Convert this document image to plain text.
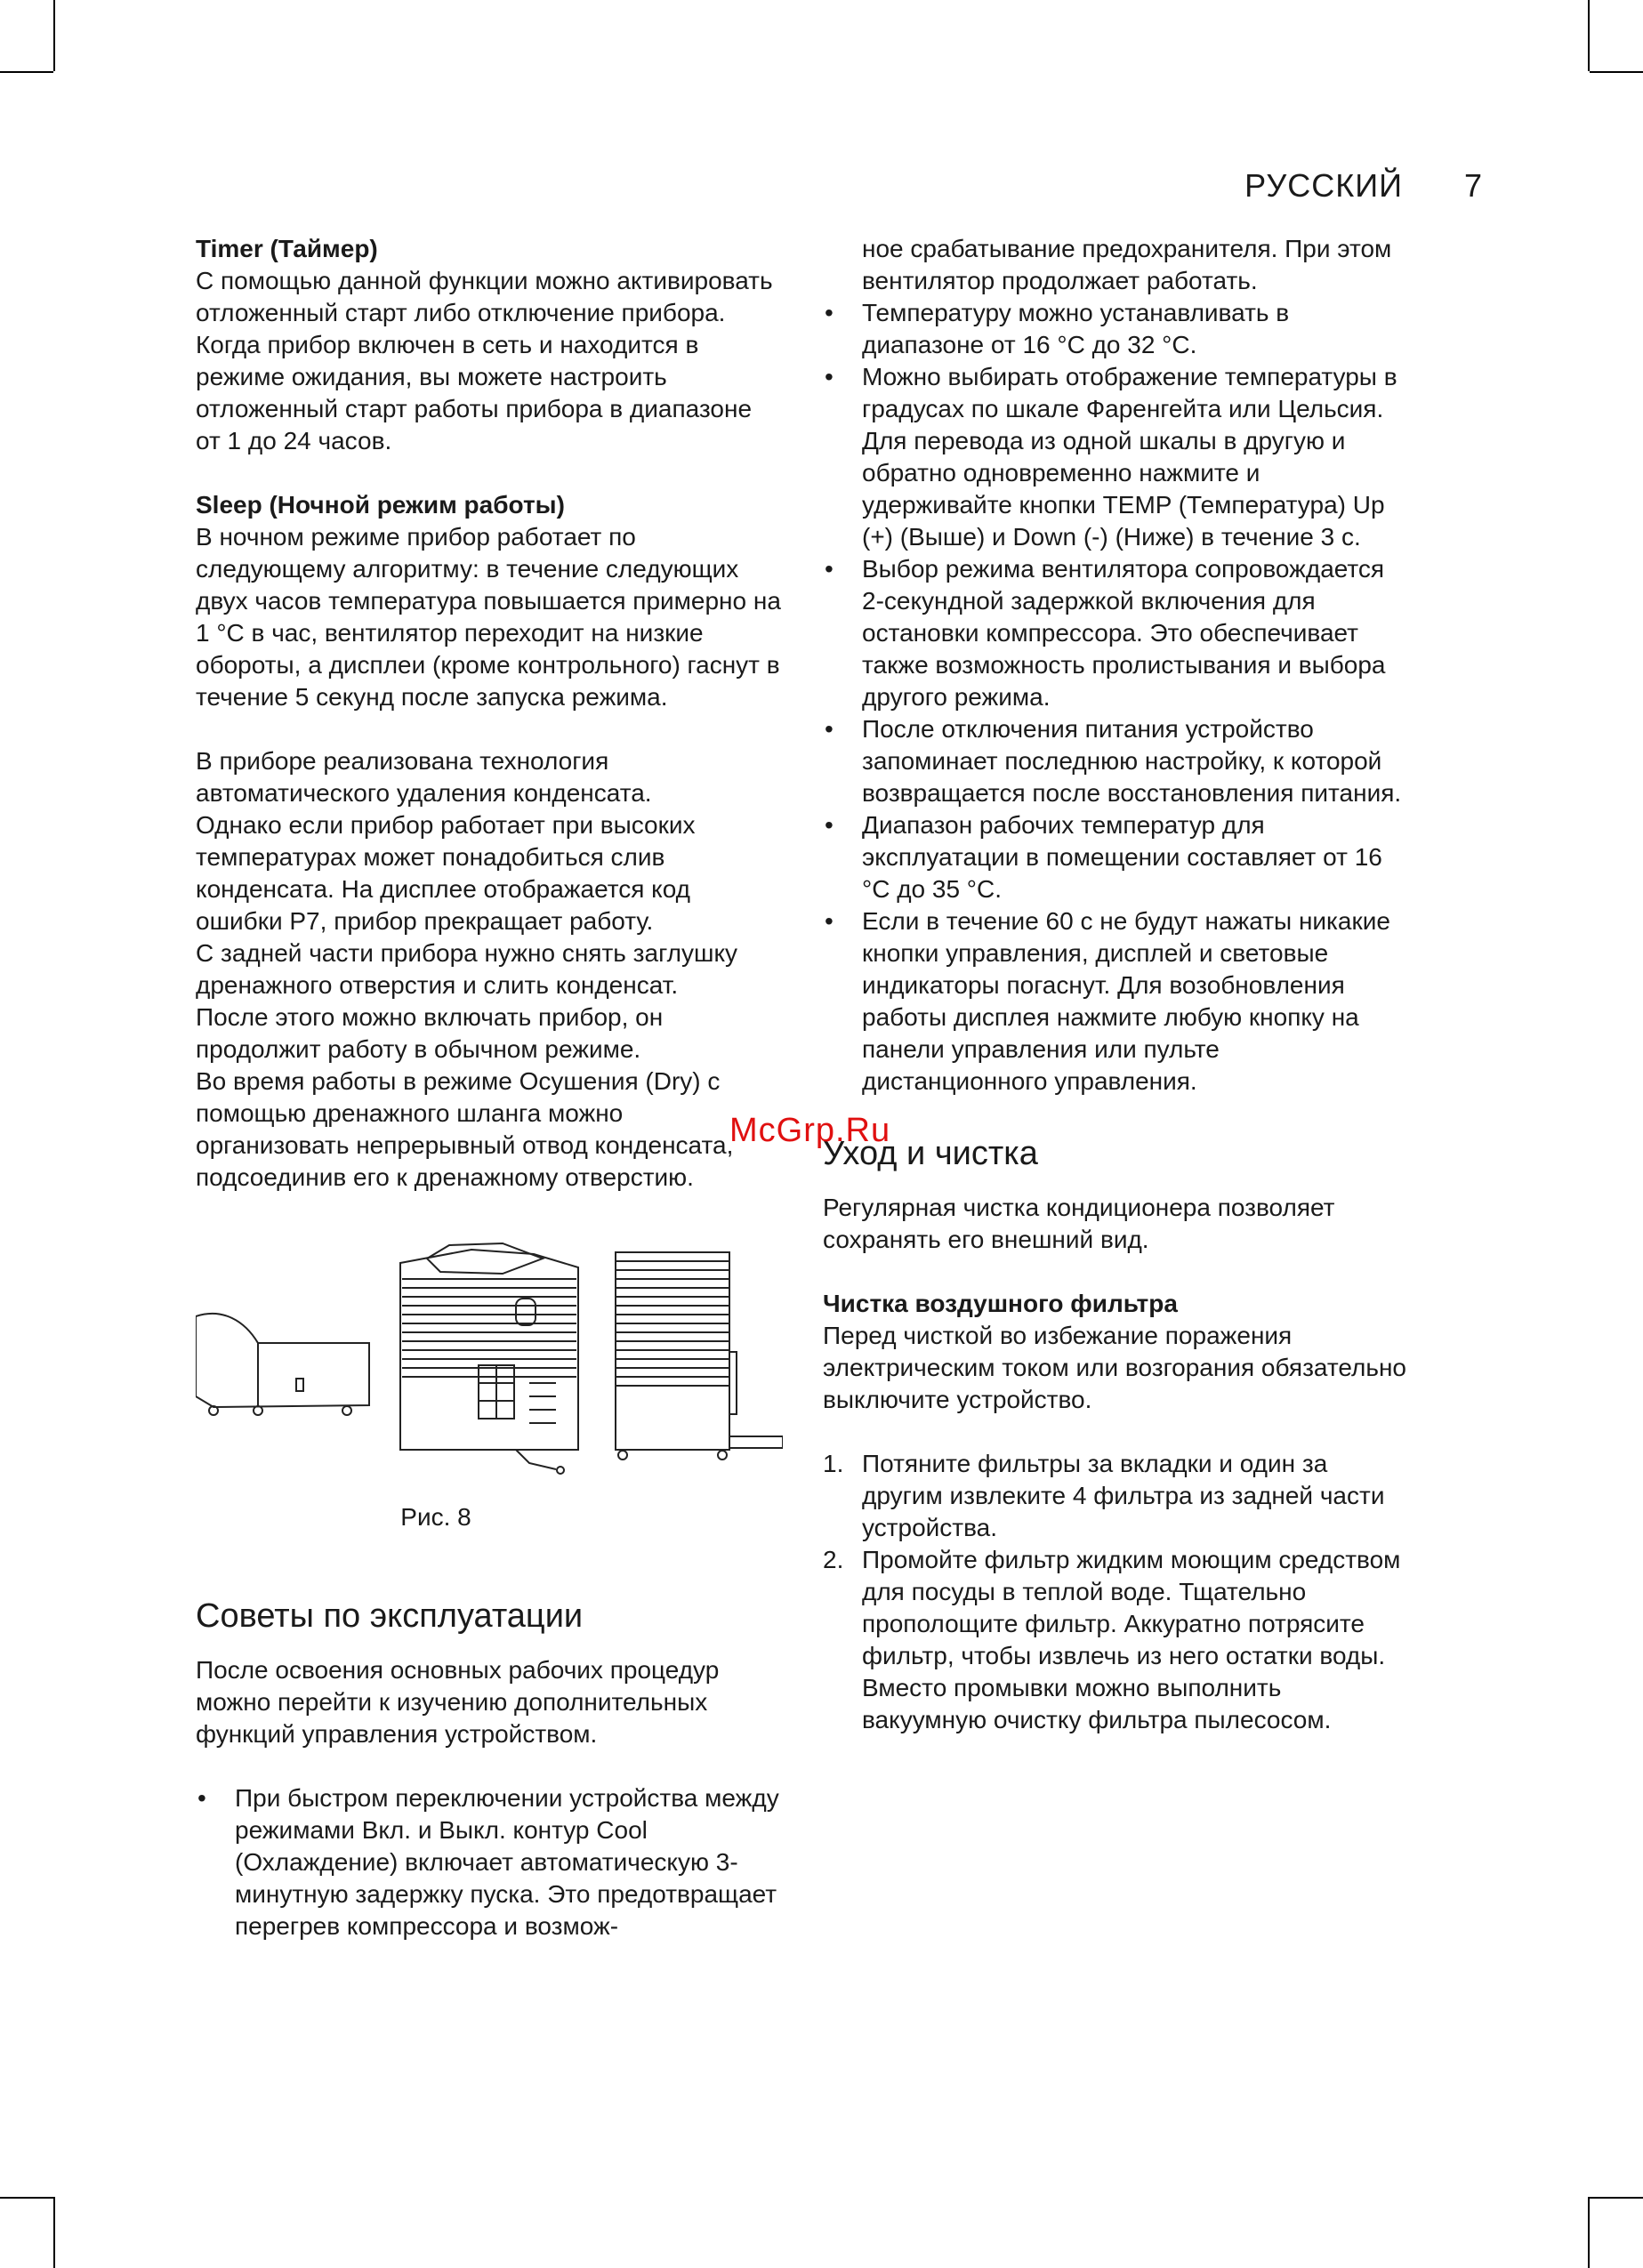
РУССКИЙ 7

Timer (Таймер)

С помощью данной функции можно активировать отложенный старт либо отключение прибора.

Когда прибор включен в сеть и находится в режиме ожидания, вы можете настроить отложенный старт работы прибора в диапазоне от 1 до 24 часов.

Sleep (Ночной режим работы)

В ночном режиме прибор работает по следующему алгоритму: в течение следующих двух часов температура повышается примерно на 1 °С в час, вентилятор переходит на низкие обороты, а дисплеи (кроме контрольного) гаснут в течение 5 секунд после запуска режима.

В приборе реализована технология автоматического удаления конденсата.

Однако если прибор работает при высоких температурах может понадобиться слив конденсата. На дисплее отображается код ошибки P7, прибор прекращает работу.

С задней части прибора нужно снять заглушку дренажного отверстия и слить конденсат.

После этого можно включать прибор, он продолжит работу в обычном режиме.

Во время работы в режиме Осушения (Dry) с помощью дренажного шланга можно организовать непрерывный отвод конденсата, подсоединив его к дренажному отверстию.

Рис. 8

Советы по эксплуатации

После освоения основных рабочих процедур можно перейти к изучению дополнительных функций управления устройством.

• При быстром переключении устройства между режимами Вкл. и Выкл. контур Cool (Охлаждение) включает автоматическую 3-минутную задержку пуска. Это предотвращает перегрев компрессора и возмож-

ное срабатывание предохранителя. При этом вентилятор продолжает работать.

• Температуру можно устанавливать в диапазоне от 16 °С до 32 °С.
• Можно выбирать отображение температуры в градусах по шкале Фаренгейта или Цельсия. Для перевода из одной шкалы в другую и обратно одновременно нажмите и удерживайте кнопки TEMP (Температура) Up (+) (Выше) и Down (-) (Ниже) в течение 3 с.
• Выбор режима вентилятора сопровождается 2-секундной задержкой включения для остановки компрессора. Это обеспечивает также возможность пролистывания и выбора другого режима.
• После отключения питания устройство запоминает последнюю настройку, к которой возвращается после восстановления питания.
• Диапазон рабочих температур для эксплуатации в помещении составляет от 16 °С до 35 °С.
• Если в течение 60 с не будут нажаты никакие кнопки управления, дисплей и световые индикаторы погаснут. Для возобновления работы дисплея нажмите любую кнопку на панели управления или пульте дистанционного управления.

Уход и чистка

Регулярная чистка кондиционера позволяет сохранять его внешний вид.

Чистка воздушного фильтра

Перед чисткой во избежание поражения электрическим током или возгорания обязательно выключите устройство.

1. Потяните фильтры за вкладки и один за другим извлеките 4 фильтра из задней части устройства.
2. Промойте фильтр жидким моющим средством для посуды в теплой воде. Тщательно прополощите фильтр. Аккуратно потрясите фильтр, чтобы извлечь из него остатки воды. Вместо промывки можно выполнить вакуумную очистку фильтра пылесосом.
McGrp.Ru
